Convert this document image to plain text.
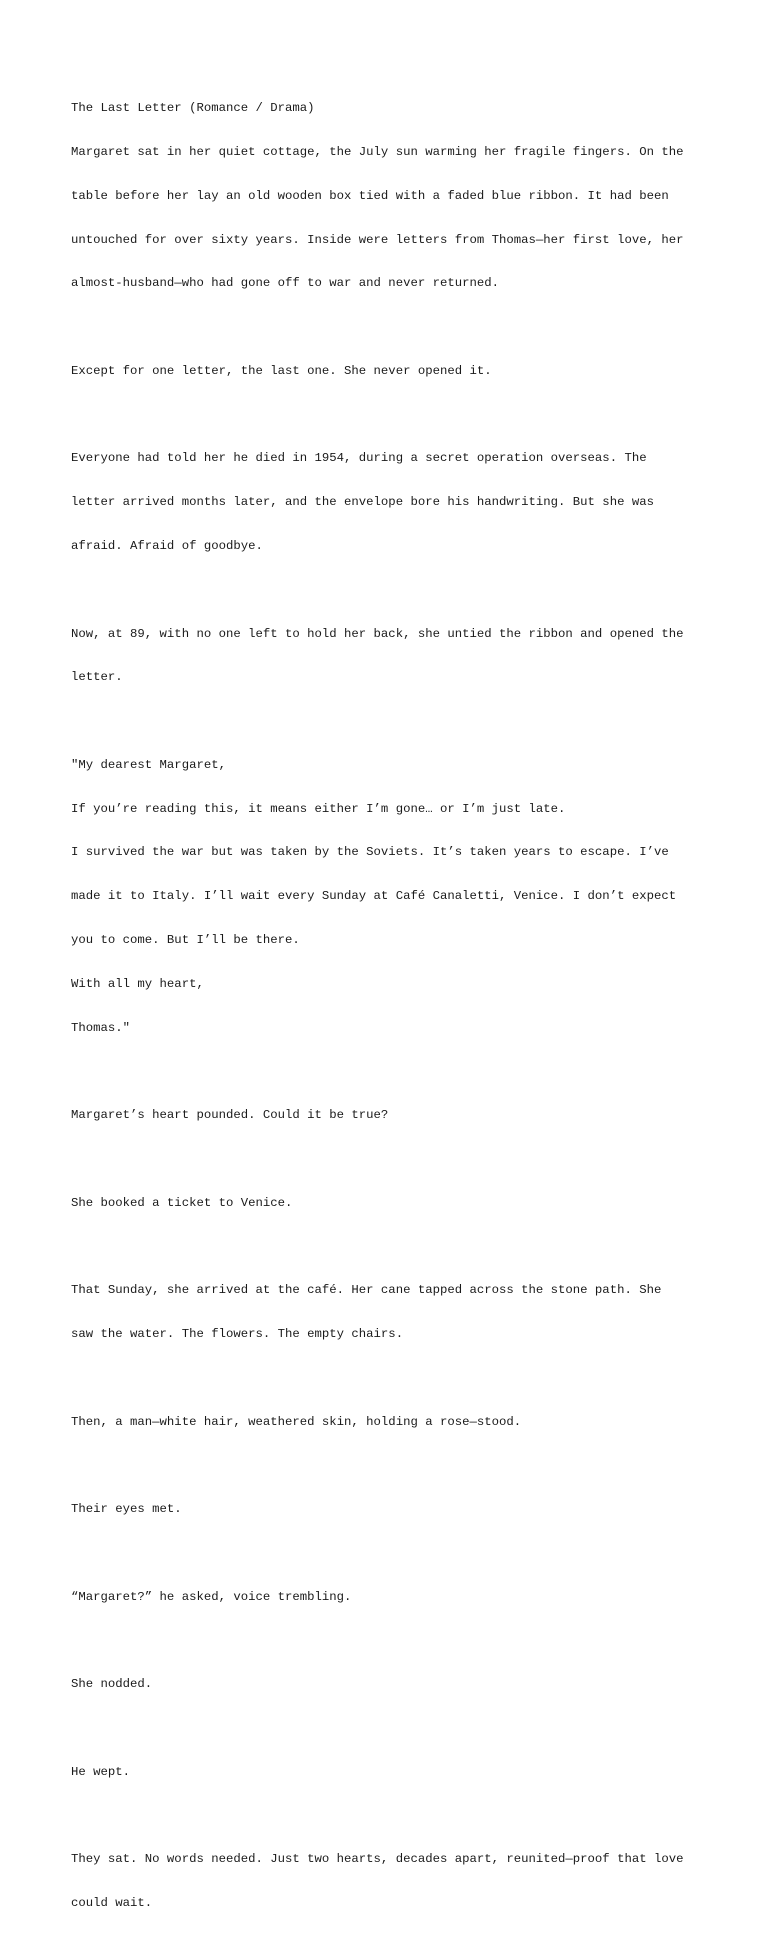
The Last Letter (Romance / Drama)

Margaret sat in her quiet cottage, the July sun warming her fragile fingers. On the

table before her lay an old wooden box tied with a faded blue ribbon. It had been

untouched for over sixty years. Inside were letters from Thomas—her first love, her

almost-husband—who had gone off to war and never returned.

Except for one letter, the last one. She never opened it.

Everyone had told her he died in 1954, during a secret operation overseas. The

letter arrived months later, and the envelope bore his handwriting. But she was

afraid. Afraid of goodbye.

Now, at 89, with no one left to hold her back, she untied the ribbon and opened the

letter.

"My dearest Margaret,

If you’re reading this, it means either I’m gone… or I’m just late.

I survived the war but was taken by the Soviets. It’s taken years to escape. I’ve

made it to Italy. I’ll wait every Sunday at Café Canaletti, Venice. I don’t expect

you to come. But I’ll be there.

With all my heart,

Thomas."

Margaret’s heart pounded. Could it be true?

She booked a ticket to Venice.

That Sunday, she arrived at the café. Her cane tapped across the stone path. She

saw the water. The flowers. The empty chairs.

Then, a man—white hair, weathered skin, holding a rose—stood.

Their eyes met.

“Margaret?” he asked, voice trembling.

She nodded.

He wept.

They sat. No words needed. Just two hearts, decades apart, reunited—proof that love

could wait.
